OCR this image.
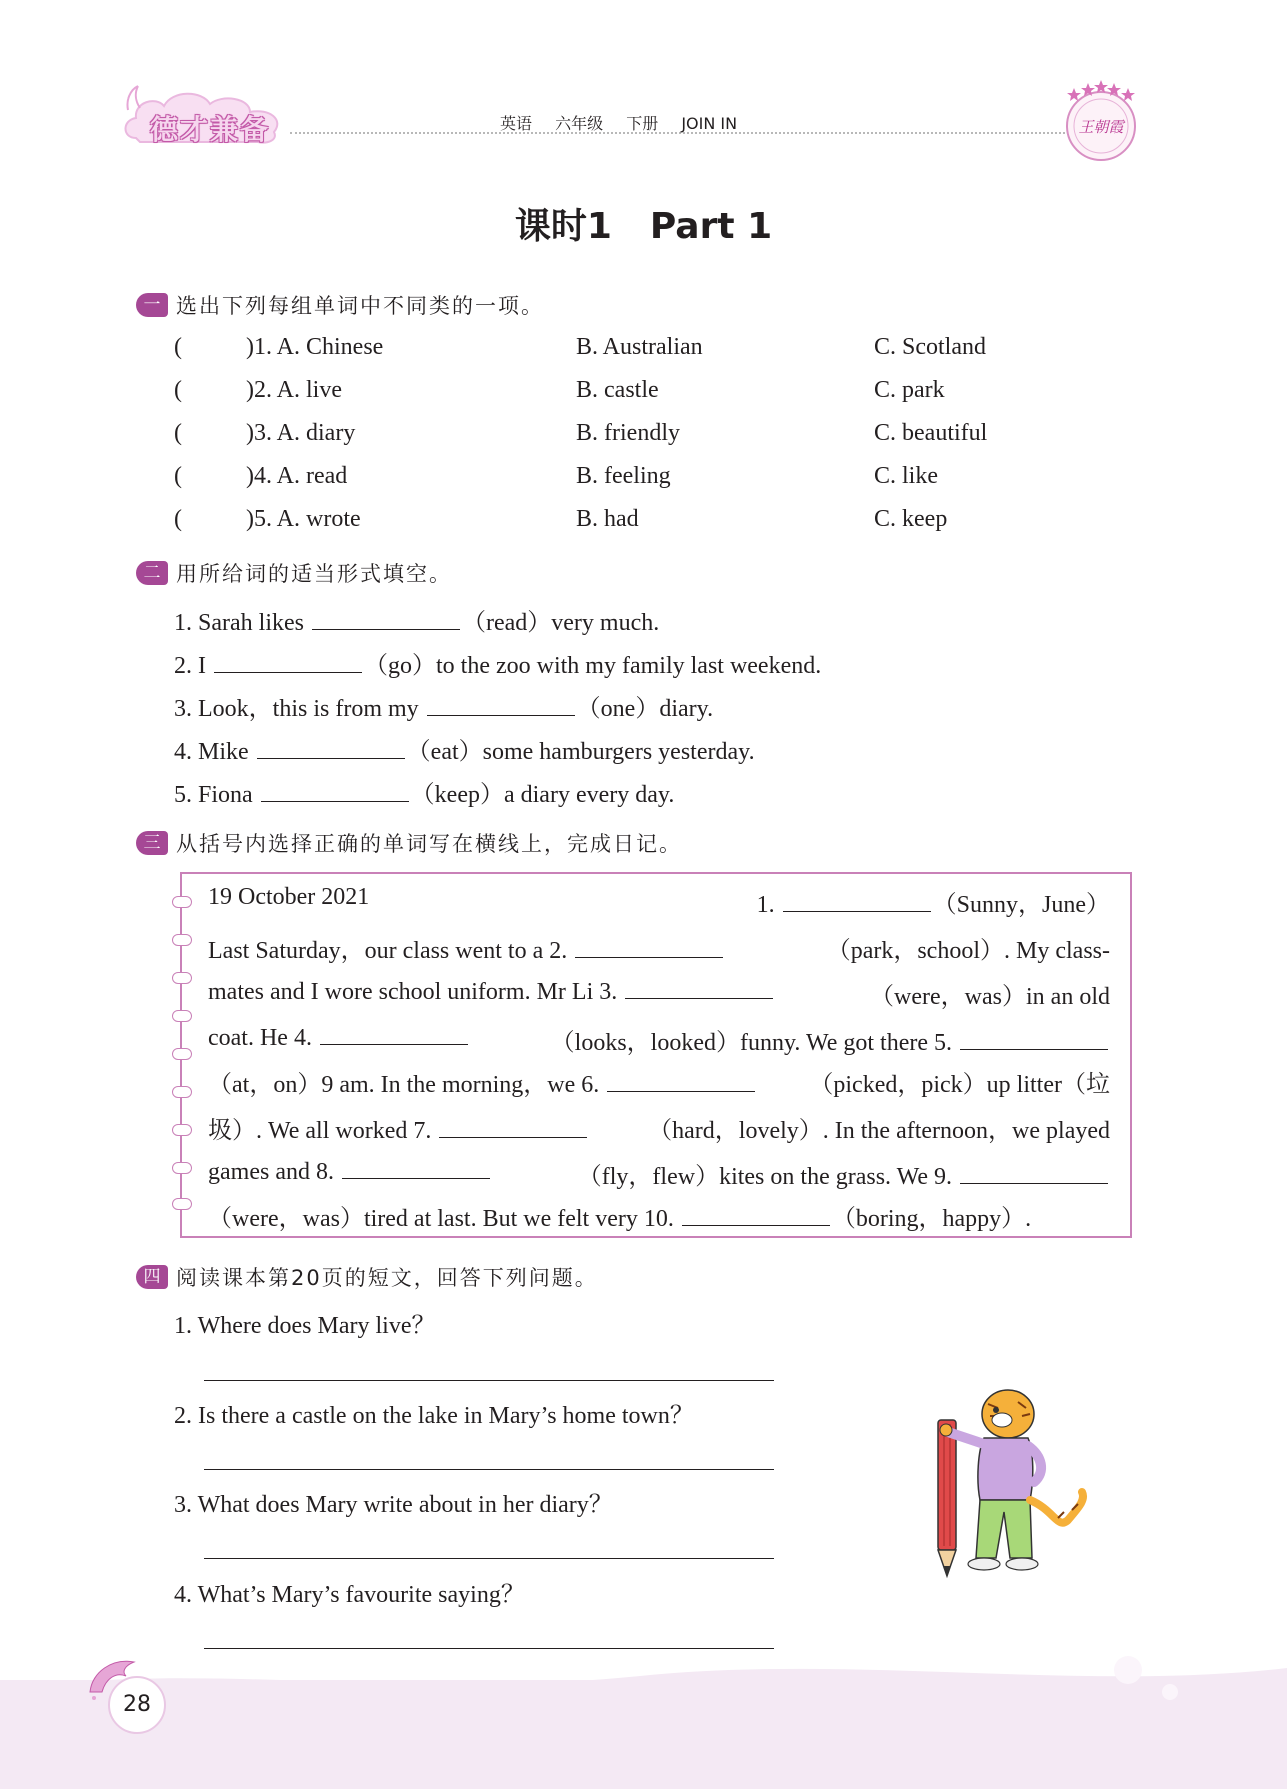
德才兼备	英语 六年级 下册 JOIN IN	王朝霞
课时1 Part 1
一 选出下列每组单词中不同类的一项。
(	)1. A. Chinese	B. Australian	C. Scotland
(	)2. A. live	B. castle	C. park
(	)3. A. diary	B. friendly	C. beautiful
(	)4. A. read	B. feeling	C. like
(	)5. A. wrote	B. had	C. keep
二 用所给词的适当形式填空。
1. Sarah likes	（read）very much.
2. I	（go）to the zoo with my family last weekend.
3. Look，this is from my	（one）diary.
4. Mike	（eat）some hamburgers yesterday.
5. Fiona	（keep）a diary every day.
三 从括号内选择正确的单词写在横线上，完成日记。
19 October 2021	1.	（Sunny，June）
Last Saturday，our class went to a 2.	（park，school）. My class-
mates and I wore school uniform. Mr Li 3.	（were，was）in an old
coat. He 4.	（looks，looked）funny. We got there 5.
（at，on）9 am. In the morning，we 6.	（picked，pick）up litter（垃
圾）. We all worked 7.	（hard，lovely）. In the afternoon，we played
games and 8.	（fly，flew）kites on the grass. We 9.
（were，was）tired at last. But we felt very 10.	（boring，happy）.
四 阅读课本第20页的短文，回答下列问题。
1. Where does Mary live？
2. Is there a castle on the lake in Mary’s home town？
3. What does Mary write about in her diary？
4. What’s Mary’s favourite saying？
28
